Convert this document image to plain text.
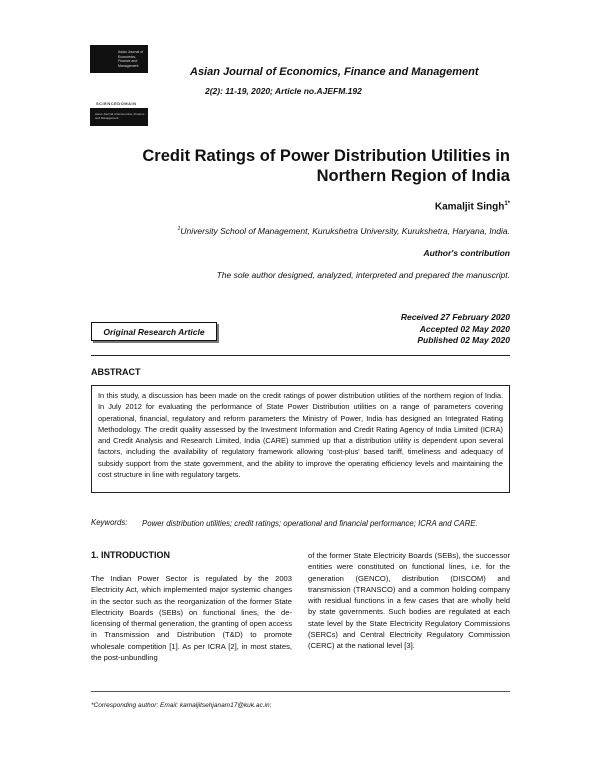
Asian Journal of Economics, Finance and Management
SCIENCEDOMAIN
Asian Journal of Economics, Finance and Management
Asian Journal of Economics, Finance and Management
2(2): 11-19, 2020; Article no.AJEFM.192
Credit Ratings of Power Distribution Utilities in
Northern Region of India
Kamaljit Singh$^{1*}$
$^1$University School of Management, Kurukshetra University, Kurukshetra, Haryana, India.
Author's contribution
The sole author designed, analyzed, interpreted and prepared the manuscript.
Original Research Article
Received 27 February 2020
Accepted 02 May 2020
Published 02 May 2020
ABSTRACT
In this study, a discussion has been made on the credit ratings of power distribution utilities of the northern region of India. In July 2012 for evaluating the performance of State Power Distribution utilities on a range of parameters covering operational, financial, regulatory and reform parameters the Ministry of Power, India has designed an Integrated Rating Methodology. The credit quality assessed by the Investment Information and Credit Rating Agency of India Limited (ICRA) and Credit Analysis and Research Limited, India (CARE) summed up that a distribution utility is dependent upon several factors, including the availability of regulatory framework allowing 'cost-plus' based tariff, timeliness and adequacy of subsidy support from the state government, and the ability to improve the operating efficiency levels and maintaining the cost structure in line with regulatory targets.
Keywords: Power distribution utilities; credit ratings; operational and financial performance; ICRA and CARE.
1. INTRODUCTION
The Indian Power Sector is regulated by the 2003 Electricity Act, which implemented major systemic changes in the sector such as the reorganization of the former State Electricity Boards (SEBs) on functional lines, the de-licensing of thermal generation, the granting of open access in Transmission and Distribution (T&D) to promote wholesale competition [1]. As per ICRA [2], in most states, the post-unbundling
of the former State Electricity Boards (SEBs), the successor entities were constituted on functional lines, i.e. for the generation (GENCO), distribution (DISCOM) and transmission (TRANSCO) and a common holding company with residual functions in a few cases that are wholly held by state governments. Such bodies are regulated at each state level by the State Electricity Regulatory Commissions (SERCs) and Central Electricity Regulatory Commission (CERC) at the national level [3].
*Corresponding author: Email: kamaljitsehjanam17@kuk.ac.in;
